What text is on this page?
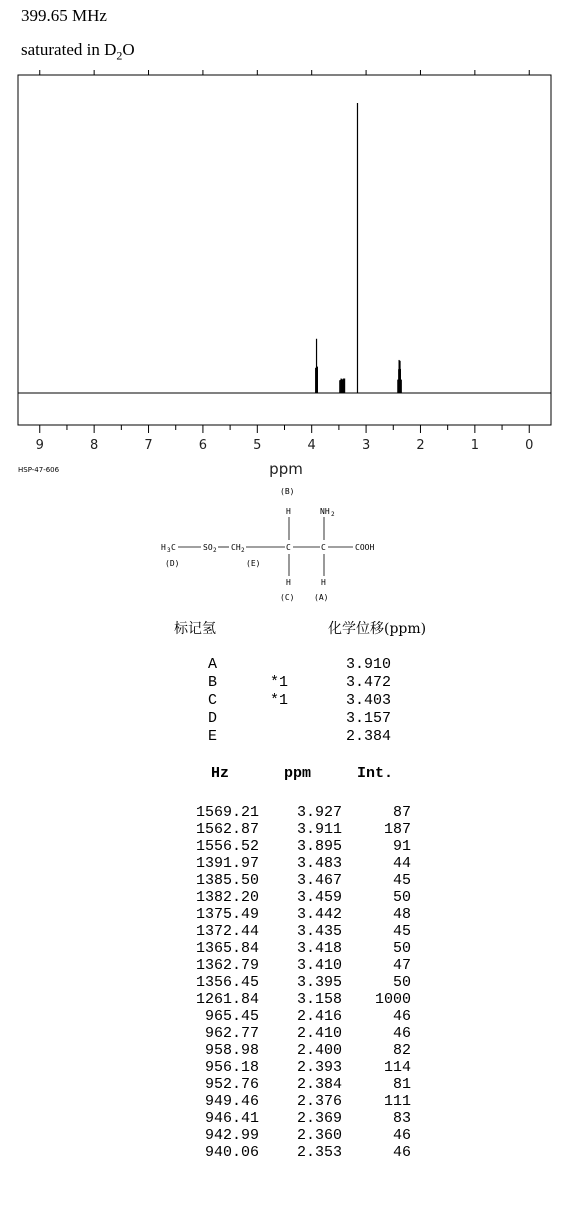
399.65 MHz
saturated in $D_2O$
9	8	7	6	5	4	3	2	1	0
ppm
HSP-47-606
(B)
H	NH 2
H 3 C	SO 2 CH 2	C	C	COOH
(D)	(E)
H	H
(C) (A)
标记氢	化学位移(ppm)
A	3.910
B	*1	3.472
C	*1	3.403
D	3.157
E	2.384
Hz	ppm	Int.
1569.21	3.927	87
1562.87	3.911	187
1556.52	3.895	91
1391.97	3.483	44
1385.50	3.467	45
1382.20	3.459	50
1375.49	3.442	48
1372.44	3.435	45
1365.84	3.418	50
1362.79	3.410	47
1356.45	3.395	50
1261.84	3.158	1000
965.45	2.416	46
962.77	2.410	46
958.98	2.400	82
956.18	2.393	114
952.76	2.384	81
949.46	2.376	111
946.41	2.369	83
942.99	2.360	46
940.06	2.353	46
